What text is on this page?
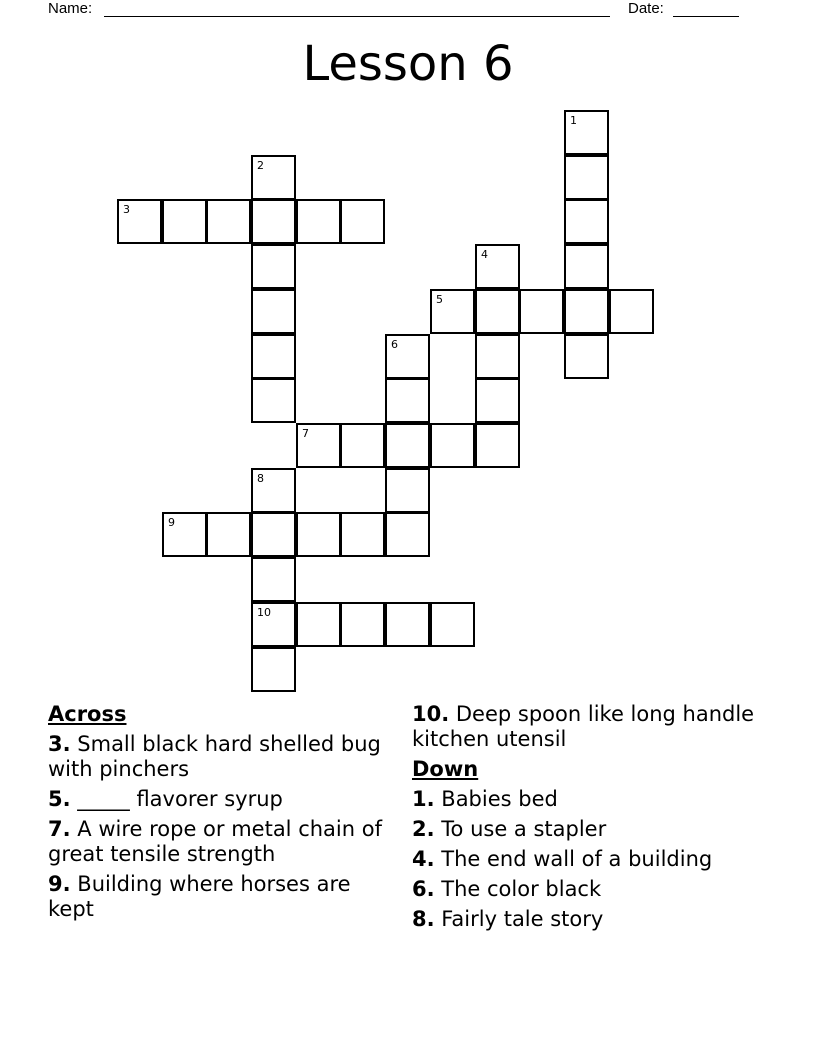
Name:	Date:
Lesson 6
1
2
3
4
5
6
7
8
9
10
Across
3. Small black hard shelled bug with pinchers
5. _____ flavorer syrup
7. A wire rope or metal chain of great tensile strength
9. Building where horses are kept
10. Deep spoon like long handle kitchen utensil
Down
1. Babies bed
2. To use a stapler
4. The end wall of a building
6. The color black
8. Fairly tale story
